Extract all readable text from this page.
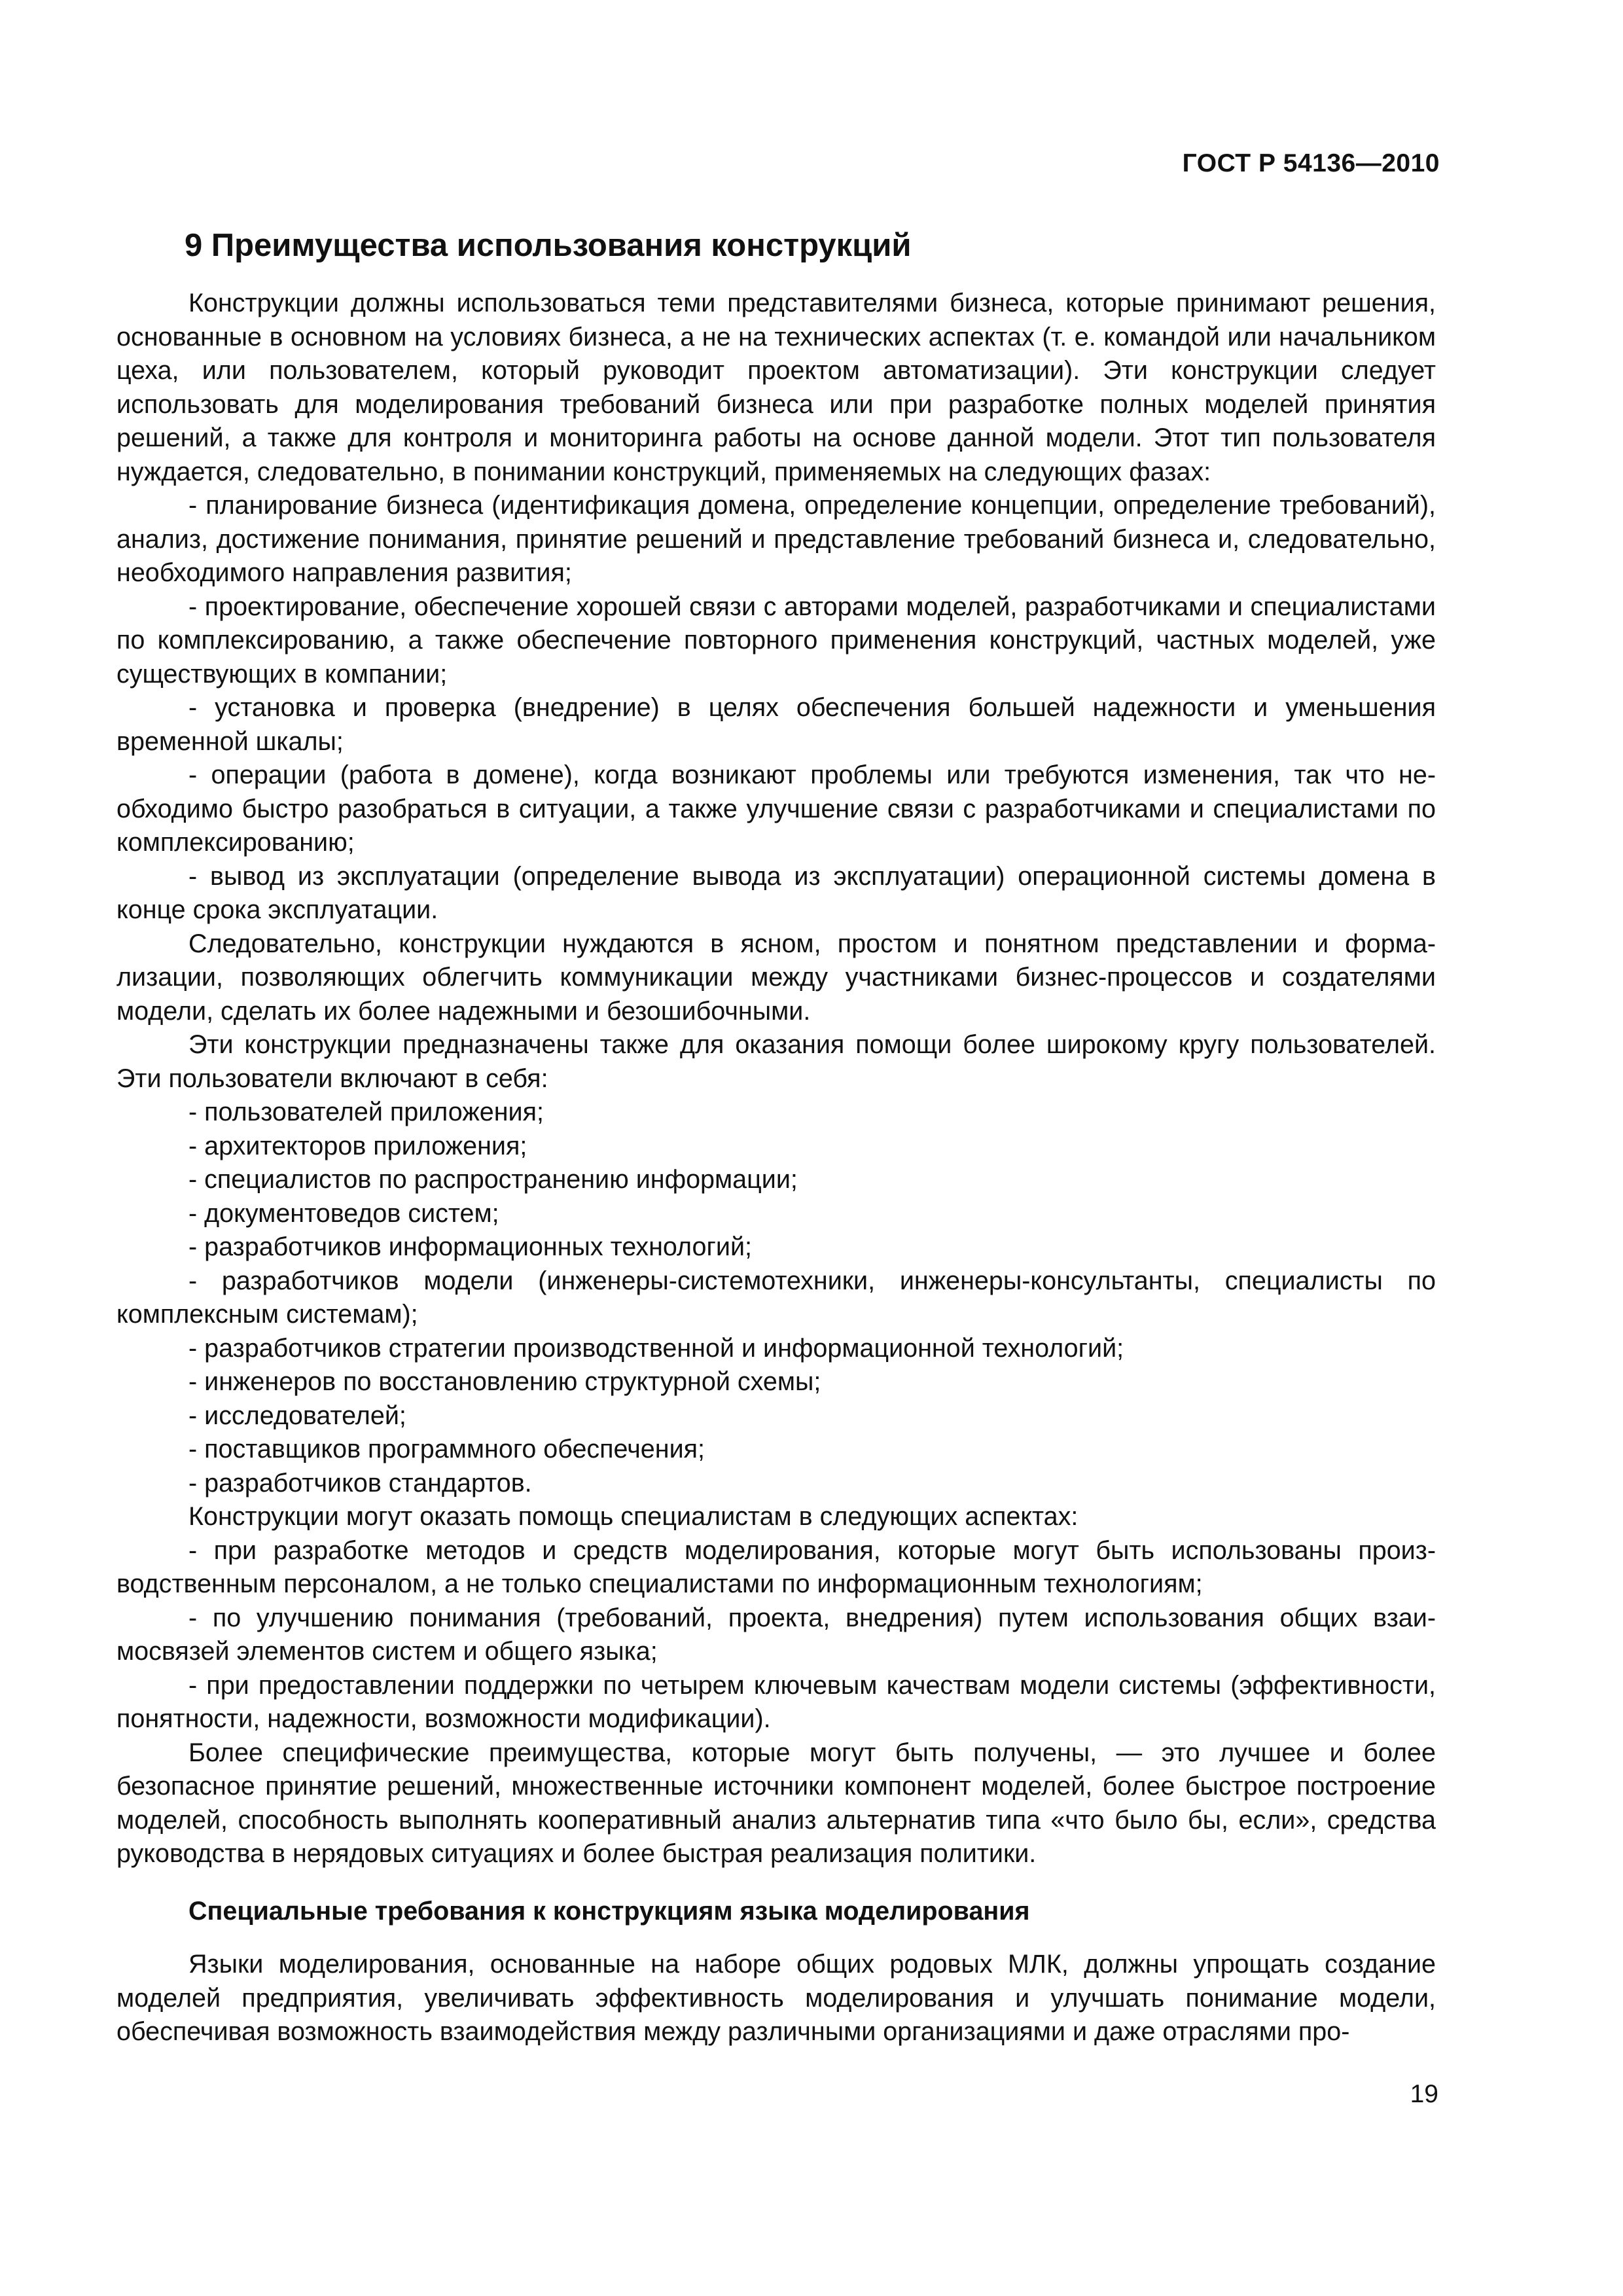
ГОСТ Р 54136—2010
9 Преимущества использования конструкций

Конструкции должны использоваться теми представителями бизнеса, которые принимают решения, основанные в основном на условиях бизнеса, а не на технических аспектах (т. е. командой или начальником цеха, или пользователем, который руководит проектом автоматизации). Эти конструкции следует использовать для моделирования требований бизнеса или при разработке полных моделей принятия решений, а также для контроля и мониторинга работы на основе данной модели. Этот тип пользователя нуждается, следовательно, в понимании конструкций, применяемых на следующих фазах:

- планирование бизнеса (идентификация домена, определение концепции, определение требований), анализ, достижение понимания, принятие решений и представление требований бизнеса и, следовательно, необходимого направления развития;

- проектирование, обеспечение хорошей связи с авторами моделей, разработчиками и специалистами по комплексированию, а также обеспечение повторного применения конструкций, частных моделей, уже существующих в компании;

- установка и проверка (внедрение) в целях обеспечения большей надежности и уменьшения временной шкалы;

- операции (работа в домене), когда возникают проблемы или требуются изменения, так что необходимо быстро разобраться в ситуации, а также улучшение связи с разработчиками и специалистами по комплексированию;

- вывод из эксплуатации (определение вывода из эксплуатации) операционной системы домена в конце срока эксплуатации.

Следовательно, конструкции нуждаются в ясном, простом и понятном представлении и формализации, позволяющих облегчить коммуникации между участниками бизнес-процессов и создателями модели, сделать их более надежными и безошибочными.

Эти конструкции предназначены также для оказания помощи более широкому кругу пользователей. Эти пользователи включают в себя:

- пользователей приложения;

- архитекторов приложения;

- специалистов по распространению информации;

- документоведов систем;

- разработчиков информационных технологий;

- разработчиков модели (инженеры-системотехники, инженеры-консультанты, специалисты по комплексным системам);

- разработчиков стратегии производственной и информационной технологий;

- инженеров по восстановлению структурной схемы;

- исследователей;

- поставщиков программного обеспечения;

- разработчиков стандартов.

Конструкции могут оказать помощь специалистам в следующих аспектах:

- при разработке методов и средств моделирования, которые могут быть использованы производственным персоналом, а не только специалистами по информационным технологиям;

- по улучшению понимания (требований, проекта, внедрения) путем использования общих взаимосвязей элементов систем и общего языка;

- при предоставлении поддержки по четырем ключевым качествам модели системы (эффективности, понятности, надежности, возможности модификации).

Более специфические преимущества, которые могут быть получены, — это лучшее и более безопасное принятие решений, множественные источники компонент моделей, более быстрое построение моделей, способность выполнять кооперативный анализ альтернатив типа «что было бы, если», средства руководства в нерядовых ситуациях и более быстрая реализация политики.

Специальные требования к конструкциям языка моделирования

Языки моделирования, основанные на наборе общих родовых МЛК, должны упрощать создание моделей предприятия, увеличивать эффективность моделирования и улучшать понимание модели, обеспечивая возможность взаимодействия между различными организациями и даже отраслями про-

19
